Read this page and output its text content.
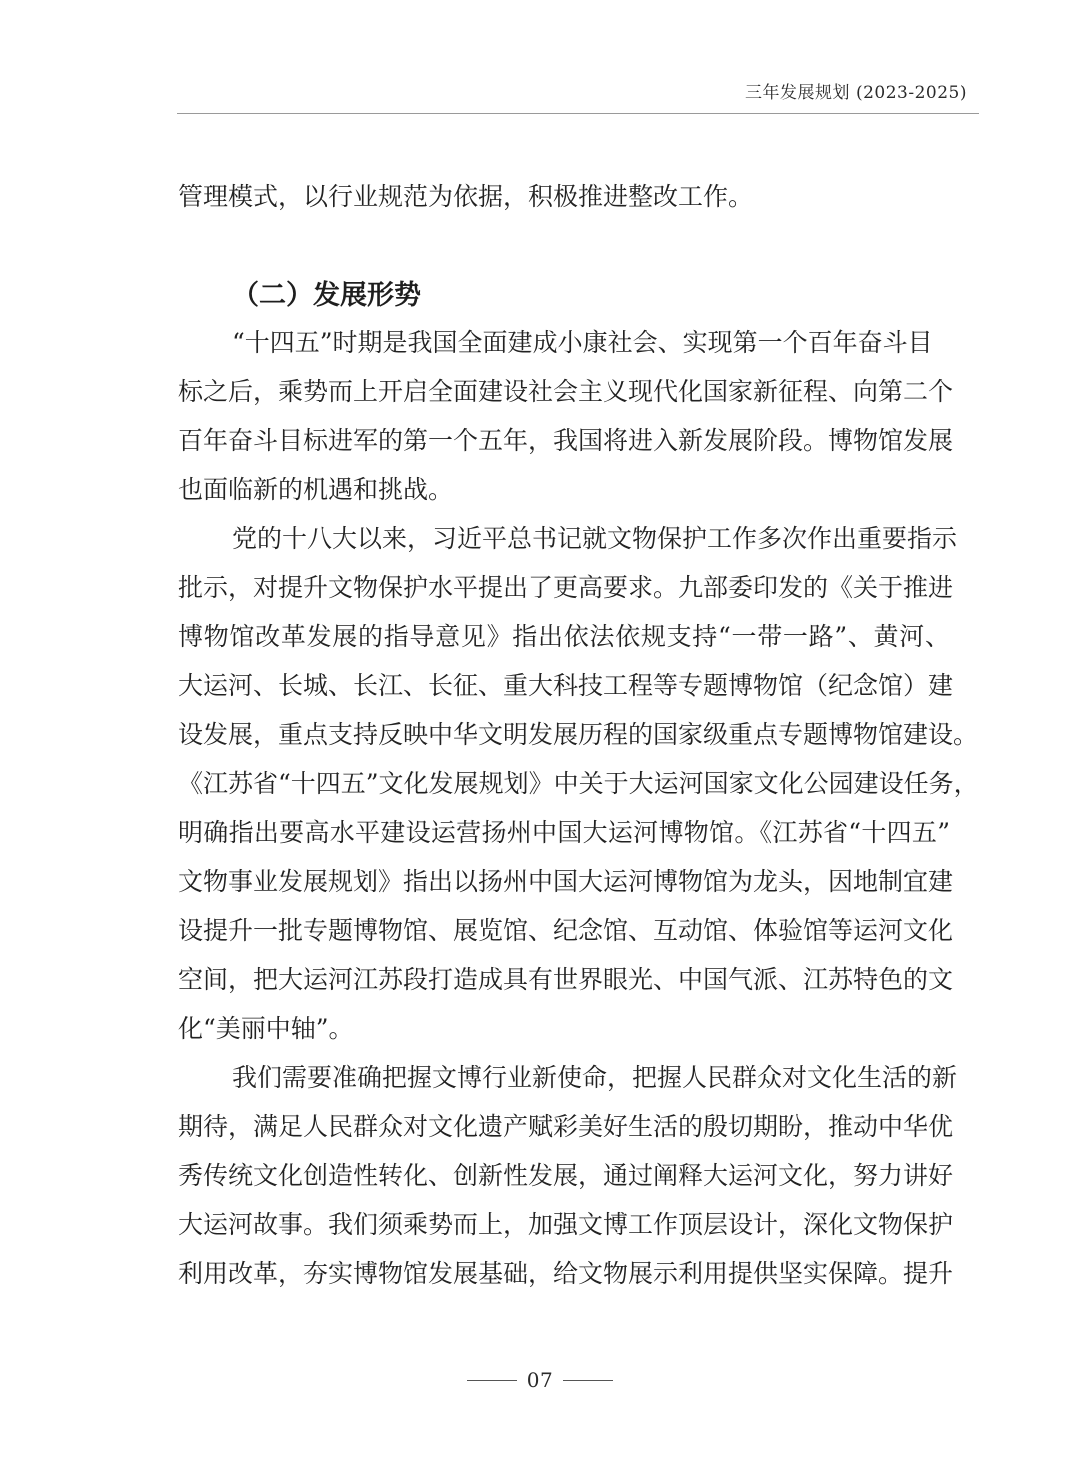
三年发展规划 (2023-2025)
管理模式，以行业规范为依据，积极推进整改工作。
（二）发展形势
“十四五”时期是我国全面建成小康社会、实现第一个百年奋斗目
标之后，乘势而上开启全面建设社会主义现代化国家新征程、向第二个
百年奋斗目标进军的第一个五年，我国将进入新发展阶段。博物馆发展
也面临新的机遇和挑战。
党的十八大以来，习近平总书记就文物保护工作多次作出重要指示
批示，对提升文物保护水平提出了更高要求。九部委印发的《关于推进
博物馆改革发展的指导意见》指出依法依规支持“一带一路”、黄河、
大运河、长城、长江、长征、重大科技工程等专题博物馆（纪念馆）建
设发展，重点支持反映中华文明发展历程的国家级重点专题博物馆建设。
《江苏省“十四五”文化发展规划》中关于大运河国家文化公园建设任务，
明确指出要高水平建设运营扬州中国大运河博物馆。《江苏省“十四五”
文物事业发展规划》指出以扬州中国大运河博物馆为龙头，因地制宜建
设提升一批专题博物馆、展览馆、纪念馆、互动馆、体验馆等运河文化
空间，把大运河江苏段打造成具有世界眼光、中国气派、江苏特色的文
化“美丽中轴”。
我们需要准确把握文博行业新使命，把握人民群众对文化生活的新
期待，满足人民群众对文化遗产赋彩美好生活的殷切期盼，推动中华优
秀传统文化创造性转化、创新性发展，通过阐释大运河文化，努力讲好
大运河故事。我们须乘势而上，加强文博工作顶层设计，深化文物保护
利用改革，夯实博物馆发展基础，给文物展示利用提供坚实保障。提升
07
